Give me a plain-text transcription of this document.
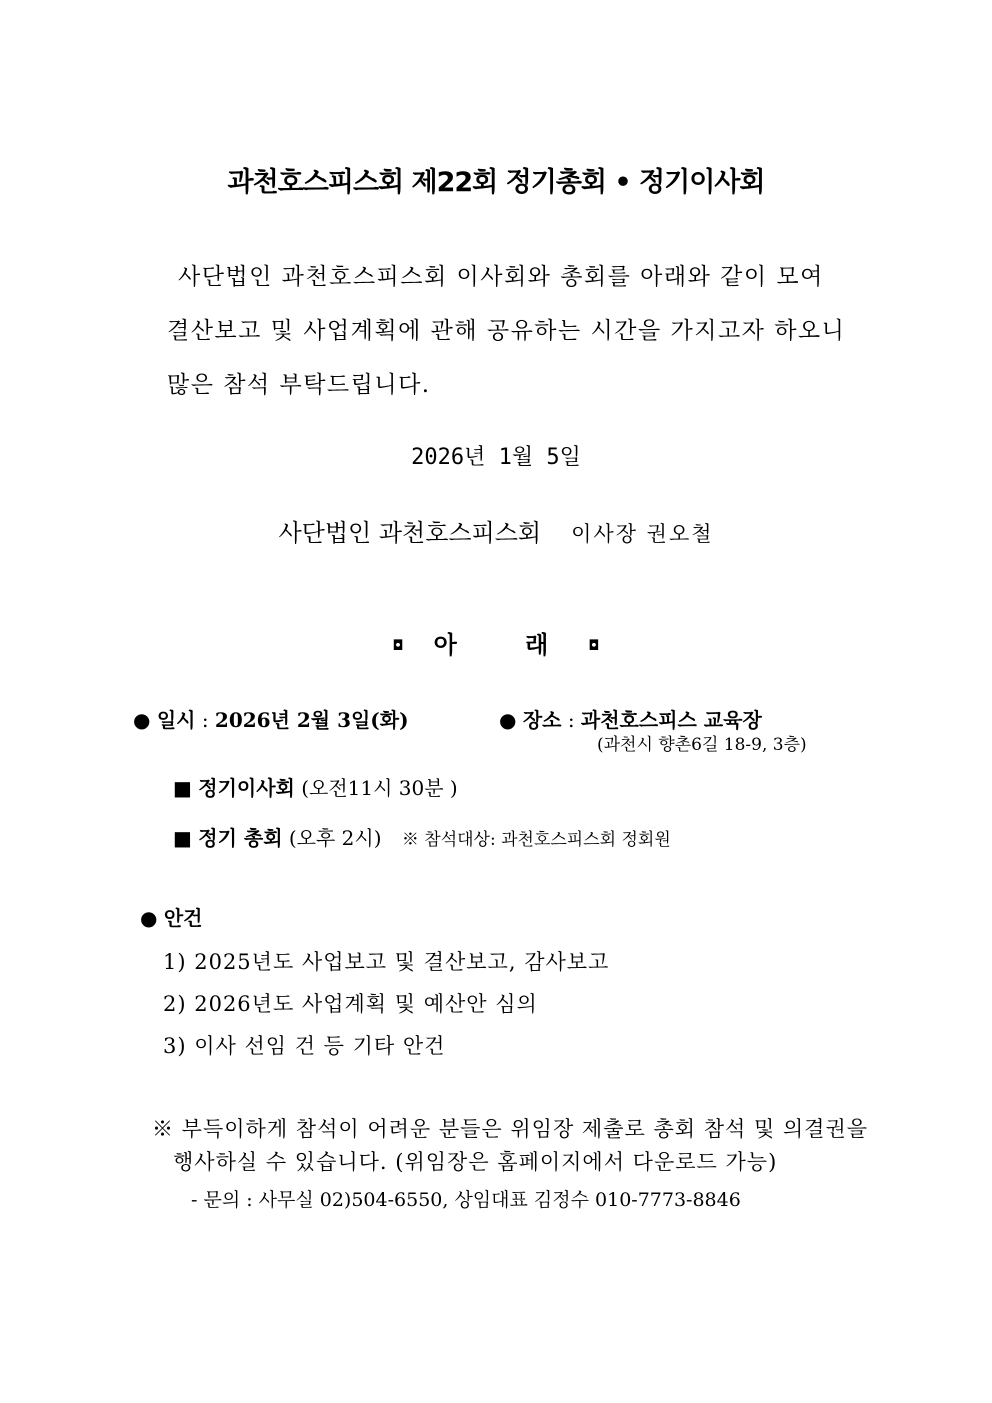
과천호스피스회 제22회 정기총회 • 정기이사회
사단법인 과천호스피스회 이사회와 총회를 아래와 같이 모여
결산보고 및 사업계획에 관해 공유하는 시간을 가지고자 하오니
많은 참석 부탁드립니다.
2026년 1월 5일
사단법인 과천호스피스회 이사장 권오철
◘ 아 래 ◘
● 일시 : 2026년 2월 3일(화)	● 장소 : 과천호스피스 교육장
(과천시 향촌6길 18-9, 3층)
■ 정기이사회 (오전11시 30분 )
■ 정기 총회 (오후 2시) ※ 참석대상: 과천호스피스회 정회원
● 안건
1) 2025년도 사업보고 및 결산보고, 감사보고
2) 2026년도 사업계획 및 예산안 심의
3) 이사 선임 건 등 기타 안건
※ 부득이하게 참석이 어려운 분들은 위임장 제출로 총회 참석 및 의결권을
행사하실 수 있습니다. (위임장은 홈페이지에서 다운로드 가능)
- 문의 : 사무실 02)504-6550, 상임대표 김정수 010-7773-8846
